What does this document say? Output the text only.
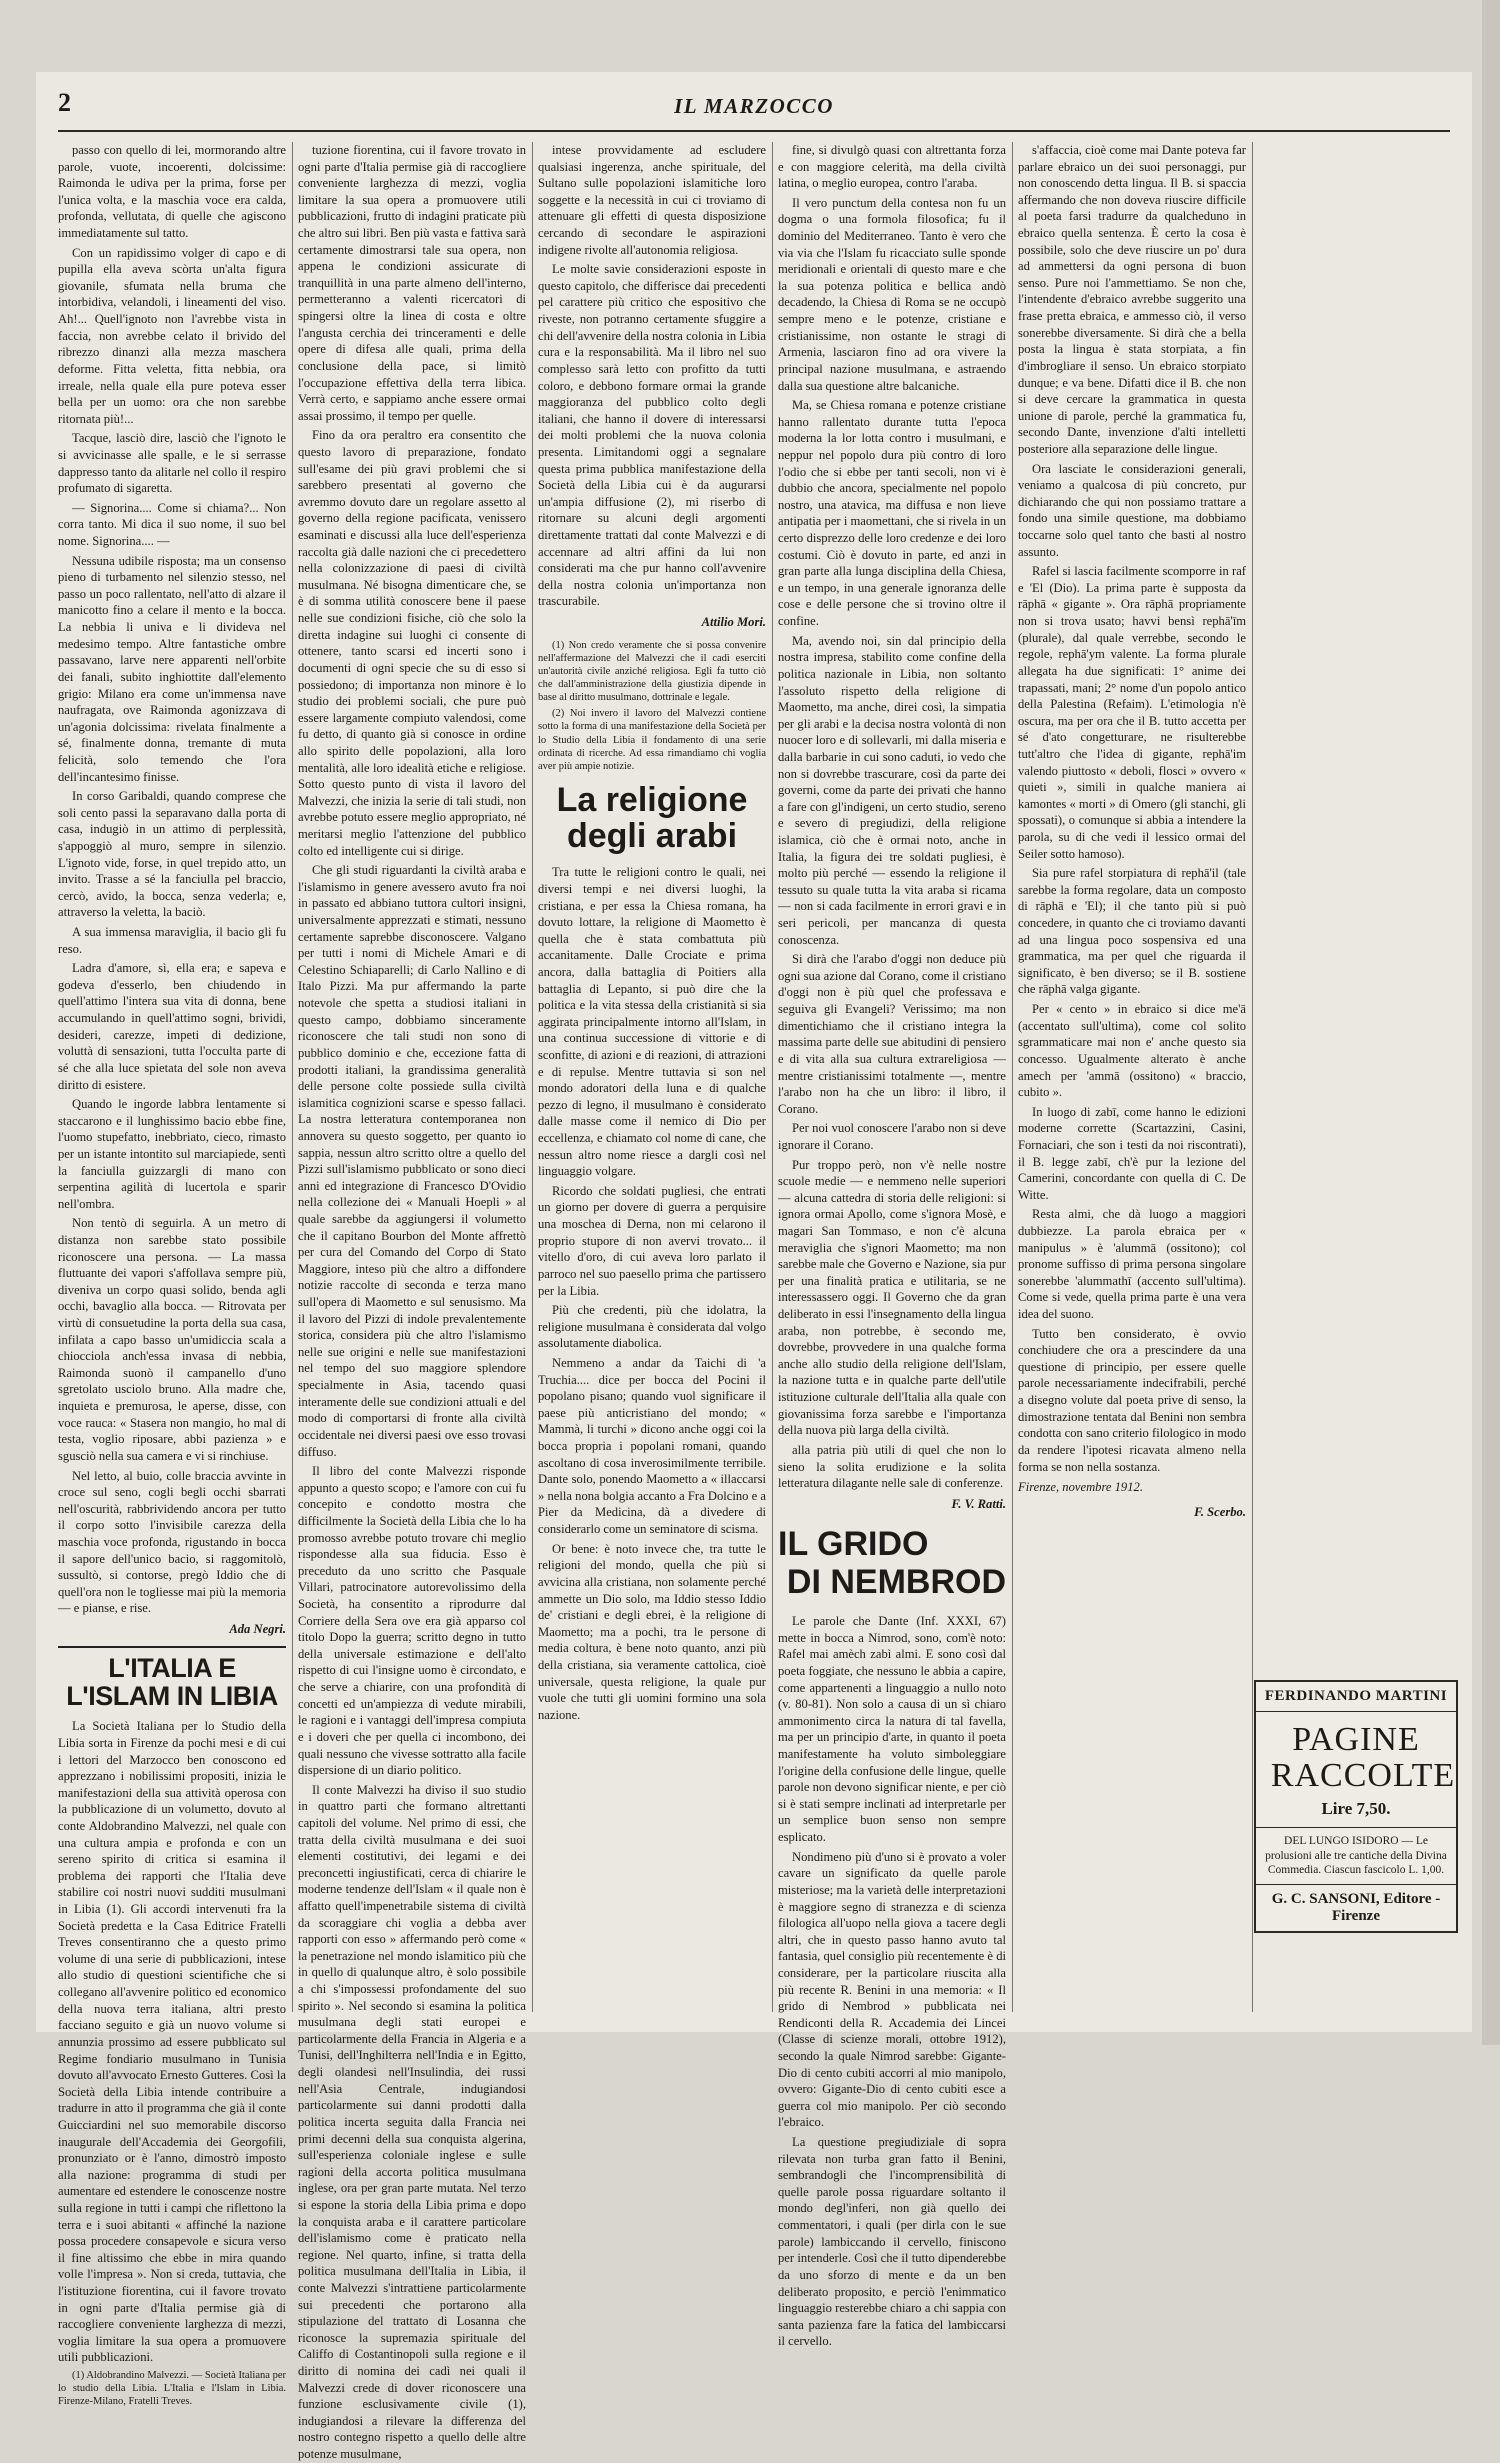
2	IL MARZOCCO

passo con quello di lei, mormorando altre parole, vuote, incoerenti, dolcissime: Raimonda le udiva per la prima, forse per l'unica volta, e la maschia voce era calda, profonda, vellutata, di quelle che agiscono immediatamente sul tatto.

Con un rapidissimo volger di capo e di pupilla ella aveva scòrta un'alta figura giovanile, sfumata nella bruma che intorbidiva, velandoli, i lineamenti del viso. Ah!... Quell'ignoto non l'avrebbe vista in faccia, non avrebbe celato il brivido del ribrezzo dinanzi alla mezza maschera deforme. Fitta veletta, fitta nebbia, ora irreale, nella quale ella pure poteva esser bella per un uomo: ora che non sarebbe ritornata più!...

Tacque, lasciò dire, lasciò che l'ignoto le si avvicinasse alle spalle, e le si serrasse dappresso tanto da alitarle nel collo il respiro profumato di sigaretta.

— Signorina.... Come si chiama?... Non corra tanto. Mi dica il suo nome, il suo bel nome. Signorina.... —

Nessuna udibile risposta; ma un consenso pieno di turbamento nel silenzio stesso, nel passo un poco rallentato, nell'atto di alzare il manicotto fino a celare il mento e la bocca. La nebbia li univa e li divideva nel medesimo tempo. Altre fantastiche ombre passavano, larve nere apparenti nell'orbite dei fanali, subito inghiottite dall'elemento grigio: Milano era come un'immensa nave naufragata, ove Raimonda agonizzava di un'agonia dolcissima: rivelata finalmente a sé, finalmente donna, tremante di muta felicità, solo temendo che l'ora dell'incantesimo finisse.

In corso Garibaldi, quando comprese che soli cento passi la separavano dalla porta di casa, indugiò in un attimo di perplessità, s'appoggiò al muro, sempre in silenzio. L'ignoto vide, forse, in quel trepido atto, un invito. Trasse a sé la fanciulla pel braccio, cercò, avido, la bocca, senza vederla; e, attraverso la veletta, la baciò.

A sua immensa maraviglia, il bacio gli fu reso.

Ladra d'amore, sì, ella era; e sapeva e godeva d'esserlo, ben chiudendo in quell'attimo l'intera sua vita di donna, bene accumulando in quell'attimo sogni, brividi, desideri, carezze, impeti di dedizione, voluttà di sensazioni, tutta l'occulta parte di sé che alla luce spietata del sole non aveva diritto di esistere.

Quando le ingorde labbra lentamente si staccarono e il lunghissimo bacio ebbe fine, l'uomo stupefatto, inebbriato, cieco, rimasto per un istante intontito sul marciapiede, sentì la fanciulla guizzargli di mano con serpentina agilità di lucertola e sparir nell'ombra.

Non tentò di seguirla. A un metro di distanza non sarebbe stato possibile riconoscere una persona. — La massa fluttuante dei vapori s'affollava sempre più, diveniva un corpo quasi solido, benda agli occhi, bavaglio alla bocca. — Ritrovata per virtù di consuetudine la porta della sua casa, infilata a capo basso un'umidiccia scala a chiocciola anch'essa invasa di nebbia, Raimonda suonò il campanello d'uno sgretolato usciolo bruno. Alla madre che, inquieta e premurosa, le aperse, disse, con voce rauca: « Stasera non mangio, ho mal di testa, voglio riposare, abbi pazienza » e sgusciò nella sua camera e vi si rinchiuse.

Nel letto, al buio, colle braccia avvinte in croce sul seno, cogli begli occhi sbarrati nell'oscurità, rabbrividendo ancora per tutto il corpo sotto l'invisibile carezza della maschia voce profonda, rigustando in bocca il sapore dell'unico bacio, si raggomitolò, sussultò, si contorse, pregò Iddio che di quell'ora non le togliesse mai più la memoria — e pianse, e rise.

Ada Negri.
L'ITALIA E L'ISLAM IN LIBIA

La Società Italiana per lo Studio della Libia sorta in Firenze da pochi mesi e di cui i lettori del Marzocco ben conoscono ed apprezzano i nobilissimi propositi, inizia le manifestazioni della sua attività operosa con la pubblicazione di un volumetto, dovuto al conte Aldobrandino Malvezzi, nel quale con una cultura ampia e profonda e con un sereno spirito di critica si esamina il problema dei rapporti che l'Italia deve stabilire coi nostri nuovi sudditi musulmani in Libia (1). Gli accordi intervenuti fra la Società predetta e la Casa Editrice Fratelli Treves consentiranno che a questo primo volume di una serie di pubblicazioni, intese allo studio di questioni scientifiche che si collegano all'avvenire politico ed economico della nuova terra italiana, altri presto facciano seguito e già un nuovo volume si annunzia prossimo ad essere pubblicato sul Regime fondiario musulmano in Tunisia dovuto all'avvocato Ernesto Gutteres. Così la Società della Libia intende contribuire a tradurre in atto il programma che già il conte Guicciardini nel suo memorabile discorso inaugurale dell'Accademia dei Georgofili, pronunziato or è l'anno, dimostrò imposto alla nazione: programma di studi per aumentare ed estendere le conoscenze nostre sulla regione in tutti i campi che riflettono la terra e i suoi abitanti « affinché la nazione possa procedere consapevole e sicura verso il fine altissimo che ebbe in mira quando volle l'impresa ». Non si creda, tuttavia, che l'istituzione fiorentina, cui il favore trovato in ogni parte d'Italia permise già di raccogliere conveniente larghezza di mezzi, voglia limitare la sua opera a promuovere utili pubblicazioni.

(1) Aldobrandino Malvezzi. — Società Italiana per lo studio della Libia. L'Italia e l'Islam in Libia. Firenze-Milano, Fratelli Treves.

tuzione fiorentina, cui il favore trovato in ogni parte d'Italia permise già di raccogliere conveniente larghezza di mezzi, voglia limitare la sua opera a promuovere utili pubblicazioni, frutto di indagini praticate più che altro sui libri. Ben più vasta e fattiva sarà certamente dimostrarsi tale sua opera, non appena le condizioni assicurate di tranquillità in una parte almeno dell'interno, permetteranno a valenti ricercatori di spingersi oltre la linea di costa e oltre l'angusta cerchia dei trinceramenti e delle opere di difesa alle quali, prima della conclusione della pace, si limitò l'occupazione effettiva della terra libica. Verrà certo, e sappiamo anche essere ormai assai prossimo, il tempo per quelle.

Fino da ora peraltro era consentito che questo lavoro di preparazione, fondato sull'esame dei più gravi problemi che si sarebbero presentati al governo che avremmo dovuto dare un regolare assetto al governo della regione pacificata, venissero esaminati e discussi alla luce dell'esperienza raccolta già dalle nazioni che ci precedettero nella colonizzazione di paesi di civiltà musulmana. Né bisogna dimenticare che, se è di somma utilità conoscere bene il paese nelle sue condizioni fisiche, ciò che solo la diretta indagine sui luoghi ci consente di ottenere, tanto scarsi ed incerti sono i documenti di ogni specie che su di esso si possiedono; di importanza non minore è lo studio dei problemi sociali, che pure può essere largamente compiuto valendosi, come fu detto, di quanto già si conosce in ordine allo spirito delle popolazioni, alla loro mentalità, alle loro idealità etiche e religiose. Sotto questo punto di vista il lavoro del Malvezzi, che inizia la serie di tali studi, non avrebbe potuto essere meglio appropriato, né meritarsi meglio l'attenzione del pubblico colto ed intelligente cui si dirige.

Che gli studi riguardanti la civiltà araba e l'islamismo in genere avessero avuto fra noi in passato ed abbiano tuttora cultori insigni, universalmente apprezzati e stimati, nessuno certamente saprebbe disconoscere. Valgano per tutti i nomi di Michele Amari e di Celestino Schiaparelli; di Carlo Nallino e di Italo Pizzi. Ma pur affermando la parte notevole che spetta a studiosi italiani in questo campo, dobbiamo sinceramente riconoscere che tali studi non sono di pubblico dominio e che, eccezione fatta di prodotti italiani, la grandissima generalità delle persone colte possiede sulla civiltà islamitica cognizioni scarse e spesso fallaci. La nostra letteratura contemporanea non annovera su questo soggetto, per quanto io sappia, nessun altro scritto oltre a quello del Pizzi sull'islamismo pubblicato or sono dieci anni ed integrazione di Francesco D'Ovidio nella collezione dei « Manuali Hoepli » al quale sarebbe da aggiungersi il volumetto che il capitano Bourbon del Monte affrettò per cura del Comando del Corpo di Stato Maggiore, inteso più che altro a diffondere notizie raccolte di seconda e terza mano sull'opera di Maometto e sul senusismo. Ma il lavoro del Pizzi di indole prevalentemente storica, considera più che altro l'islamismo nelle sue origini e nelle sue manifestazioni nel tempo del suo maggiore splendore specialmente in Asia, tacendo quasi interamente delle sue condizioni attuali e del modo di comportarsi di fronte alla civiltà occidentale nei diversi paesi ove esso trovasi diffuso.

Il libro del conte Malvezzi risponde appunto a questo scopo; e l'amore con cui fu concepito e condotto mostra che difficilmente la Società della Libia che lo ha promosso avrebbe potuto trovare chi meglio rispondesse alla sua fiducia. Esso è preceduto da uno scritto che Pasquale Villari, patrocinatore autorevolissimo della Società, ha consentito a riprodurre dal Corriere della Sera ove era già apparso col titolo Dopo la guerra; scritto degno in tutto della universale estimazione e dell'alto rispetto di cui l'insigne uomo è circondato, e che serve a chiarire, con una profondità di concetti ed un'ampiezza di vedute mirabili, le ragioni e i vantaggi dell'impresa compiuta e i doveri che per quella ci incombono, dei quali nessuno che vivesse sottratto alla facile dispersione di un diario politico.

Il conte Malvezzi ha diviso il suo studio in quattro parti che formano altrettanti capitoli del volume. Nel primo di essi, che tratta della civiltà musulmana e dei suoi elementi costitutivi, dei legami e dei preconcetti ingiustificati, cerca di chiarire le moderne tendenze dell'Islam « il quale non è affatto quell'impenetrabile sistema di civiltà da scoraggiare chi voglia a debba aver rapporti con esso » affermando però come « la penetrazione nel mondo islamitico più che in quello di qualunque altro, è solo possibile a chi s'impossessi profondamente del suo spirito ». Nel secondo si esamina la politica musulmana degli stati europei e particolarmente della Francia in Algeria e a Tunisi, dell'Inghilterra nell'India e in Egitto, degli olandesi nell'Insulindia, dei russi nell'Asia Centrale, indugiandosi particolarmente sui danni prodotti dalla politica incerta seguita dalla Francia nei primi decenni della sua conquista algerina, sull'esperienza coloniale inglese e sulle ragioni della accorta politica musulmana inglese, ora per gran parte mutata. Nel terzo si espone la storia della Libia prima e dopo la conquista araba e il carattere particolare dell'islamismo come è praticato nella regione. Nel quarto, infine, si tratta della politica musulmana dell'Italia in Libia, il conte Malvezzi s'intrattiene particolarmente sui precedenti che portarono alla stipulazione del trattato di Losanna che riconosce la supremazia spirituale del Califfo di Costantinopoli sulla regione e il diritto di nomina dei cadì nei quali il Malvezzi crede di dover riconoscere una funzione esclusivamente civile (1), indugiandosi a rilevare la differenza del nostro contegno rispetto a quello delle altre potenze musulmane,

intese provvidamente ad escludere qualsiasi ingerenza, anche spirituale, del Sultano sulle popolazioni islamitiche loro soggette e la necessità in cui ci troviamo di attenuare gli effetti di questa disposizione cercando di secondare le aspirazioni indigene rivolte all'autonomia religiosa.

Le molte savie considerazioni esposte in questo capitolo, che differisce dai precedenti pel carattere più critico che espositivo che riveste, non potranno certamente sfuggire a chi dell'avvenire della nostra colonia in Libia cura e la responsabilità. Ma il libro nel suo complesso sarà letto con profitto da tutti coloro, e debbono formare ormai la grande maggioranza del pubblico colto degli italiani, che hanno il dovere di interessarsi dei molti problemi che la nuova colonia presenta. Limitandomi oggi a segnalare questa prima pubblica manifestazione della Società della Libia cui è da augurarsi un'ampia diffusione (2), mi riserbo di ritornare su alcuni degli argomenti direttamente trattati dal conte Malvezzi e di accennare ad altri affini da lui non considerati ma che pur hanno coll'avvenire della nostra colonia un'importanza non trascurabile.

Attilio Mori.

(1) Non credo veramente che si possa convenire nell'affermazione del Malvezzi che il cadì eserciti un'autorità civile anziché religiosa. Egli fa tutto ciò che dall'amministrazione della giustizia dipende in base al diritto musulmano, dottrinale e legale.

(2) Noi invero il lavoro del Malvezzi contiene sotto la forma di una manifestazione della Società per lo Studio della Libia il fondamento di una serie ordinata di ricerche. Ad essa rimandiamo chi voglia aver più ampie notizie.

La religione degli arabi

Tra tutte le religioni contro le quali, nei diversi tempi e nei diversi luoghi, la cristiana, e per essa la Chiesa romana, ha dovuto lottare, la religione di Maometto è quella che è stata combattuta più accanitamente. Dalle Crociate e prima ancora, dalla battaglia di Poitiers alla battaglia di Lepanto, si può dire che la politica e la vita stessa della cristianità si sia aggirata principalmente intorno all'Islam, in una continua successione di vittorie e di sconfitte, di azioni e di reazioni, di attrazioni e di repulse. Mentre tuttavia si son nel mondo adoratori della luna e di qualche pezzo di legno, il musulmano è considerato dalle masse come il nemico di Dio per eccellenza, e chiamato col nome di cane, che nessun altro nome riesce a dargli così nel linguaggio volgare.

Ricordo che soldati pugliesi, che entrati un giorno per dovere di guerra a perquisire una moschea di Derna, non mi celarono il proprio stupore di non avervi trovato... il vitello d'oro, di cui aveva loro parlato il parroco nel suo paesello prima che partissero per la Libia.

Più che credenti, più che idolatra, la religione musulmana è considerata dal volgo assolutamente diabolica.

Nemmeno a andar da Taichi di 'a Truchia.... dice per bocca del Pocini il popolano pisano; quando vuol significare il paese più anticristiano del mondo; « Mammà, li turchi » dicono anche oggi coi la bocca propria i popolani romani, quando ascoltano di cosa inverosimilmente terribile. Dante solo, ponendo Maometto a « illaccarsi » nella nona bolgia accanto a Fra Dolcino e a Pier da Medicina, dà a divedere di considerarlo come un seminatore di scisma.

Or bene: è noto invece che, tra tutte le religioni del mondo, quella che più si avvicina alla cristiana, non solamente perché ammette un Dio solo, ma Iddio stesso Iddio de' cristiani e degli ebrei, è la religione di Maometto; ma a pochi, tra le persone di media coltura, è bene noto quanto, anzi più della cristiana, sia veramente cattolica, cioè universale, questa religione, la quale pur vuole che tutti gli uomini formino una sola nazione.

fine, si divulgò quasi con altrettanta forza e con maggiore celerità, ma della civiltà latina, o meglio europea, contro l'araba.

Il vero punctum della contesa non fu un dogma o una formola filosofica; fu il dominio del Mediterraneo. Tanto è vero che via via che l'Islam fu ricacciato sulle sponde meridionali e orientali di questo mare e che la sua potenza politica e bellica andò decadendo, la Chiesa di Roma se ne occupò sempre meno e le potenze, cristiane e cristianissime, non ostante le stragi di Armenia, lasciaron fino ad ora vivere la principal nazione musulmana, e astraendo dalla sua questione altre balcaniche.

Ma, se Chiesa romana e potenze cristiane hanno rallentato durante tutta l'epoca moderna la lor lotta contro i musulmani, e neppur nel popolo dura più contro di loro l'odio che si ebbe per tanti secoli, non vi è dubbio che ancora, specialmente nel popolo nostro, una atavica, ma diffusa e non lieve antipatia per i maomettani, che si rivela in un certo disprezzo delle loro credenze e dei loro costumi. Ciò è dovuto in parte, ed anzi in gran parte alla lunga disciplina della Chiesa, e un tempo, in una generale ignoranza delle cose e delle persone che si trovino oltre il confine.

Ma, avendo noi, sin dal principio della nostra impresa, stabilito come confine della politica nazionale in Libia, non soltanto l'assoluto rispetto della religione di Maometto, ma anche, direi così, la simpatia per gli arabi e la decisa nostra volontà di non nuocer loro e di sollevarli, mi dalla miseria e dalla barbarie in cui sono caduti, io vedo che non si dovrebbe trascurare, così da parte dei governi, come da parte dei privati che hanno a fare con gl'indigeni, un certo studio, sereno e severo di pregiudizi, della religione islamica, ciò che è ormai noto, anche in Italia, la figura dei tre soldati pugliesi, è molto più perché — essendo la religione il tessuto su quale tutta la vita araba si ricama — non si cada facilmente in errori gravi e in seri pericoli, per mancanza di questa conoscenza.

Si dirà che l'arabo d'oggi non deduce più ogni sua azione dal Corano, come il cristiano d'oggi non è più quel che professava e seguiva gli Evangeli? Verissimo; ma non dimentichiamo che il cristiano integra la massima parte delle sue abitudini di pensiero e di vita alla sua cultura extrareligiosa — mentre cristianissimi totalmente —, mentre l'arabo non ha che un libro: il libro, il Corano.

Per noi vuol conoscere l'arabo non si deve ignorare il Corano.

Pur troppo però, non v'è nelle nostre scuole medie — e nemmeno nelle superiori — alcuna cattedra di storia delle religioni: si ignora ormai Apollo, come s'ignora Mosè, e magari San Tommaso, e non c'è alcuna meraviglia che s'ignori Maometto; ma non sarebbe male che Governo e Nazione, sia pur per una finalità pratica e utilitaria, se ne interessassero oggi. Il Governo che da gran deliberato in essi l'insegnamento della lingua araba, non potrebbe, è secondo me, dovrebbe, provvedere in una qualche forma anche allo studio della religione dell'Islam, la nazione tutta e in qualche parte dell'utile istituzione culturale dell'Italia alla quale con giovanissima forza sarebbe e l'importanza della nuova più larga della civiltà.

alla patria più utili di quel che non lo sieno la solita erudizione e la solita letteratura dilagante nelle sale di conferenze.

F. V. Ratti.
IL GRIDO
DI NEMBROD

Le parole che Dante (Inf. XXXI, 67) mette in bocca a Nimrod, sono, com'è noto: Rafel mai amèch zabì almi. E sono così dal poeta foggiate, che nessuno le abbia a capire, come appartenenti a linguaggio a nullo noto (v. 80-81). Non solo a causa di un sì chiaro ammonimento circa la natura di tal favella, ma per un principio d'arte, in quanto il poeta manifestamente ha voluto simboleggiare l'origine della confusione delle lingue, quelle parole non devono significar niente, e per ciò si è stati sempre inclinati ad interpretarle per un semplice buon senso non sempre esplicato.

Nondimeno più d'uno si è provato a voler cavare un significato da quelle parole misteriose; ma la varietà delle interpretazioni è maggiore segno di stranezza e di scienza filologica all'uopo nella giova a tacere degli altri, che in questo passo hanno avuto tal fantasia, quel consiglio più recentemente è di considerare, per la particolare riuscita alla più recente R. Benini in una memoria: « Il grido di Nembrod » pubblicata nei Rendiconti della R. Accademia dei Lincei (Classe di scienze morali, ottobre 1912), secondo la quale Nimrod sarebbe: Gigante-Dio di cento cubiti accorri al mio manipolo, ovvero: Gigante-Dio di cento cubiti esce a guerra col mio manipolo. Per ciò secondo l'ebraico.

La questione pregiudiziale di sopra rilevata non turba gran fatto il Benini, sembrandogli che l'incomprensibilità di quelle parole possa riguardare soltanto il mondo degl'inferi, non già quello dei commentatori, i quali (per dirla con le sue parole) lambiccando il cervello, finiscono per intenderle. Così che il tutto dipenderebbe da uno sforzo di mente e da un ben deliberato proposito, e perciò l'enimmatico linguaggio resterebbe chiaro a chi sappia con santa pazienza fare la fatica del lambiccarsi il cervello.

s'affaccia, cioè come mai Dante poteva far parlare ebraico un dei suoi personaggi, pur non conoscendo detta lingua. Il B. si spaccia affermando che non doveva riuscire difficile al poeta farsi tradurre da qualcheduno in ebraico quella sentenza. È certo la cosa è possibile, solo che deve riuscire un po' dura ad ammettersi da ogni persona di buon senso. Pure noi l'ammettiamo. Se non che, l'intendente d'ebraico avrebbe suggerito una frase pretta ebraica, e ammesso ciò, il verso sonerebbe diversamente. Si dirà che a bella posta la lingua è stata storpiata, a fin d'imbrogliare il senso. Un ebraico storpiato dunque; e va bene. Difatti dice il B. che non si deve cercare la grammatica in questa unione di parole, perché la grammatica fu, secondo Dante, invenzione d'alti intelletti posteriore alla separazione delle lingue.

Ora lasciate le considerazioni generali, veniamo a qualcosa di più concreto, pur dichiarando che qui non possiamo trattare a fondo una simile questione, ma dobbiamo toccarne solo quel tanto che basti al nostro assunto.

Rafel si lascia facilmente scomporre in raf e 'El (Dio). La prima parte è supposta da rāphā « gigante ». Ora rāphā propriamente non si trova usato; havvi bensì rephā'īm (plurale), dal quale verrebbe, secondo le regole, rephā'ym valente. La forma plurale allegata ha due significati: 1° anime dei trapassati, mani; 2° nome d'un popolo antico della Palestina (Refaim). L'etimologia n'è oscura, ma per ora che il B. tutto accetta per sé d'ato congetturare, ne risulterebbe tutt'altro che l'idea di gigante, rephā'im valendo piuttosto « deboli, flosci » ovvero « quieti », simili in qualche maniera ai kamontes « morti » di Omero (gli stanchi, gli spossati), o comunque si abbia a intendere la parola, su di che vedi il lessico ormai del Seiler sotto hamoso).

Sia pure rafel storpiatura di rephā'il (tale sarebbe la forma regolare, data un composto di rāphā e 'El); il che tanto più si può concedere, in quanto che ci troviamo davanti ad una lingua poco sospensiva ed una grammatica, ma per quel che riguarda il significato, è ben diverso; se il B. sostiene che rāphā valga gigante.

Per « cento » in ebraico si dice me'ā (accentato sull'ultima), come col solito sgrammaticare mai non e' anche questo sia concesso. Ugualmente alterato è anche amech per 'ammā (ossitono) « braccio, cubito ».

In luogo di zabī, come hanno le edizioni moderne corrette (Scartazzini, Casini, Fornaciari, che son i testi da noi riscontrati), il B. legge zabī, ch'è pur la lezione del Camerini, concordante con quella di C. De Witte.

Resta almi, che dà luogo a maggiori dubbiezze. La parola ebraica per « manipulus » è 'alummā (ossitono); col pronome suffisso di prima persona singolare sonerebbe 'alummathī (accento sull'ultima). Come si vede, quella prima parte è una vera idea del suono.

Tutto ben considerato, è ovvio conchiudere che ora a prescindere da una questione di principio, per essere quelle parole necessariamente indecifrabili, perché a disegno volute dal poeta prive di senso, la dimostrazione tentata dal Benini non sembra condotta con sano criterio filologico in modo da rendere l'ipotesi ricavata almeno nella forma se non nella sostanza.

Firenze, novembre 1912.
F. Scerbo.
FERDINANDO MARTINI
PAGINE
RACCOLTE
Lire 7,50.
DEL LUNGO ISIDORO — Le prolusioni alle tre cantiche della Divina Commedia. Ciascun fascicolo L. 1,00.
G. C. SANSONI, Editore - Firenze
